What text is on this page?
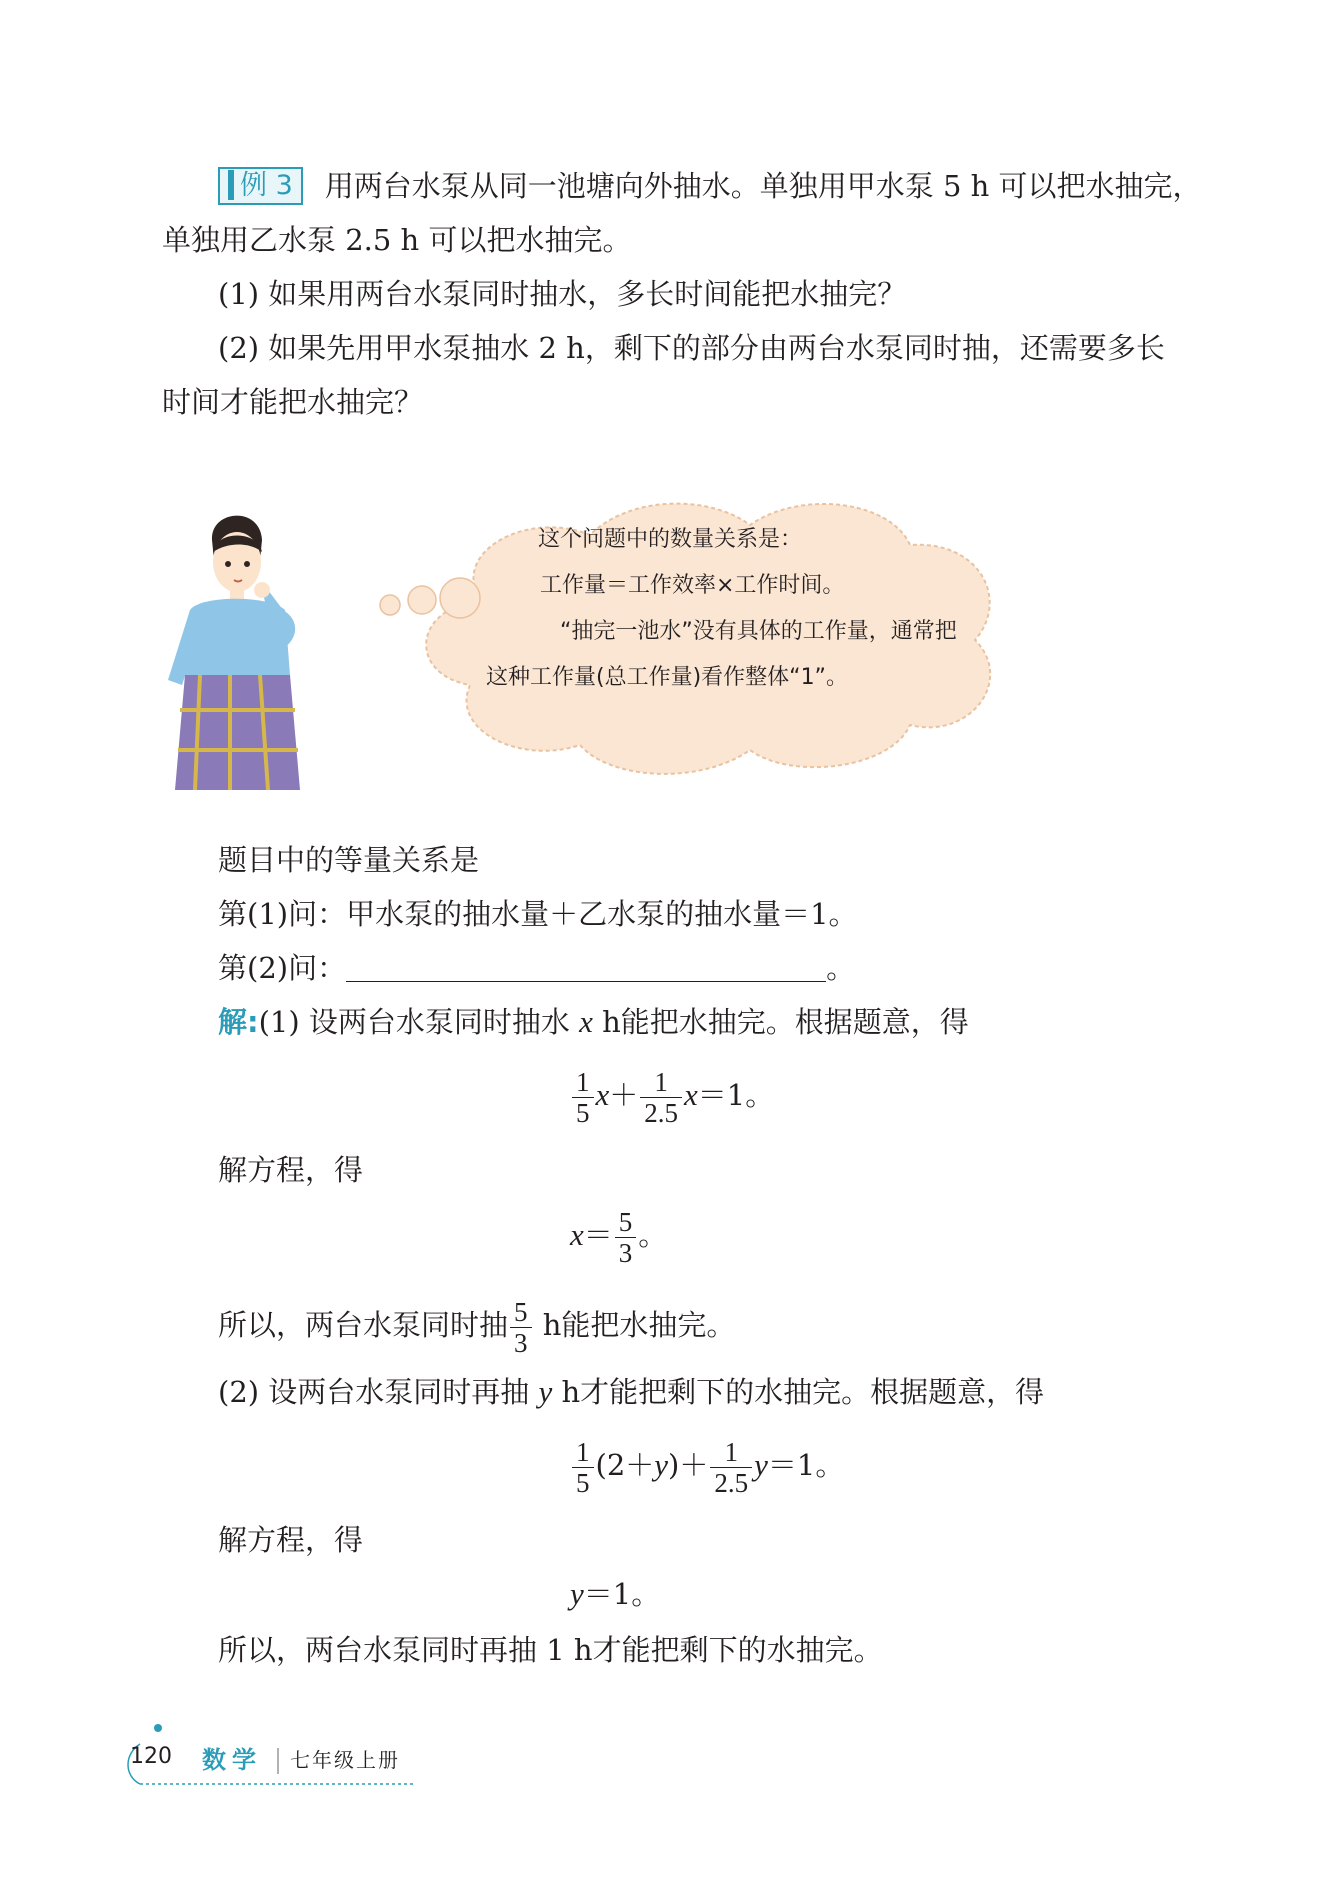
例 3 用两台水泵从同一池塘向外抽水。单独用甲水泵 5 h 可以把水抽完，
单独用乙水泵 2.5 h 可以把水抽完。
(1) 如果用两台水泵同时抽水，多长时间能把水抽完？
(2) 如果先用甲水泵抽水 2 h，剩下的部分由两台水泵同时抽，还需要多长
时间才能把水抽完？
这个问题中的数量关系是：
工作量＝工作效率×工作时间。
“抽完一池水”没有具体的工作量，通常把
这种工作量(总工作量)看作整体“1”。
题目中的等量关系是
第(1)问：甲水泵的抽水量＋乙水泵的抽水量＝1。
第(2)问：	。
解:(1) 设两台水泵同时抽水 x h能把水抽完。根据题意，得
$\frac{1}{5} x+ \frac{1}{2.5} x=1$。
解方程，得
$x= \frac{5}{3}$ 。
所以，两台水泵同时抽 $\frac{5}{3}$ h能把水抽完。
(2) 设两台水泵同时再抽 y h才能把剩下的水抽完。根据题意，得
$\frac{1}{5} (2+y)+ \frac{1}{2.5} y=1$。
解方程，得
y＝1。
所以，两台水泵同时再抽 1 h才能把剩下的水抽完。
120 数学 七年级上册
